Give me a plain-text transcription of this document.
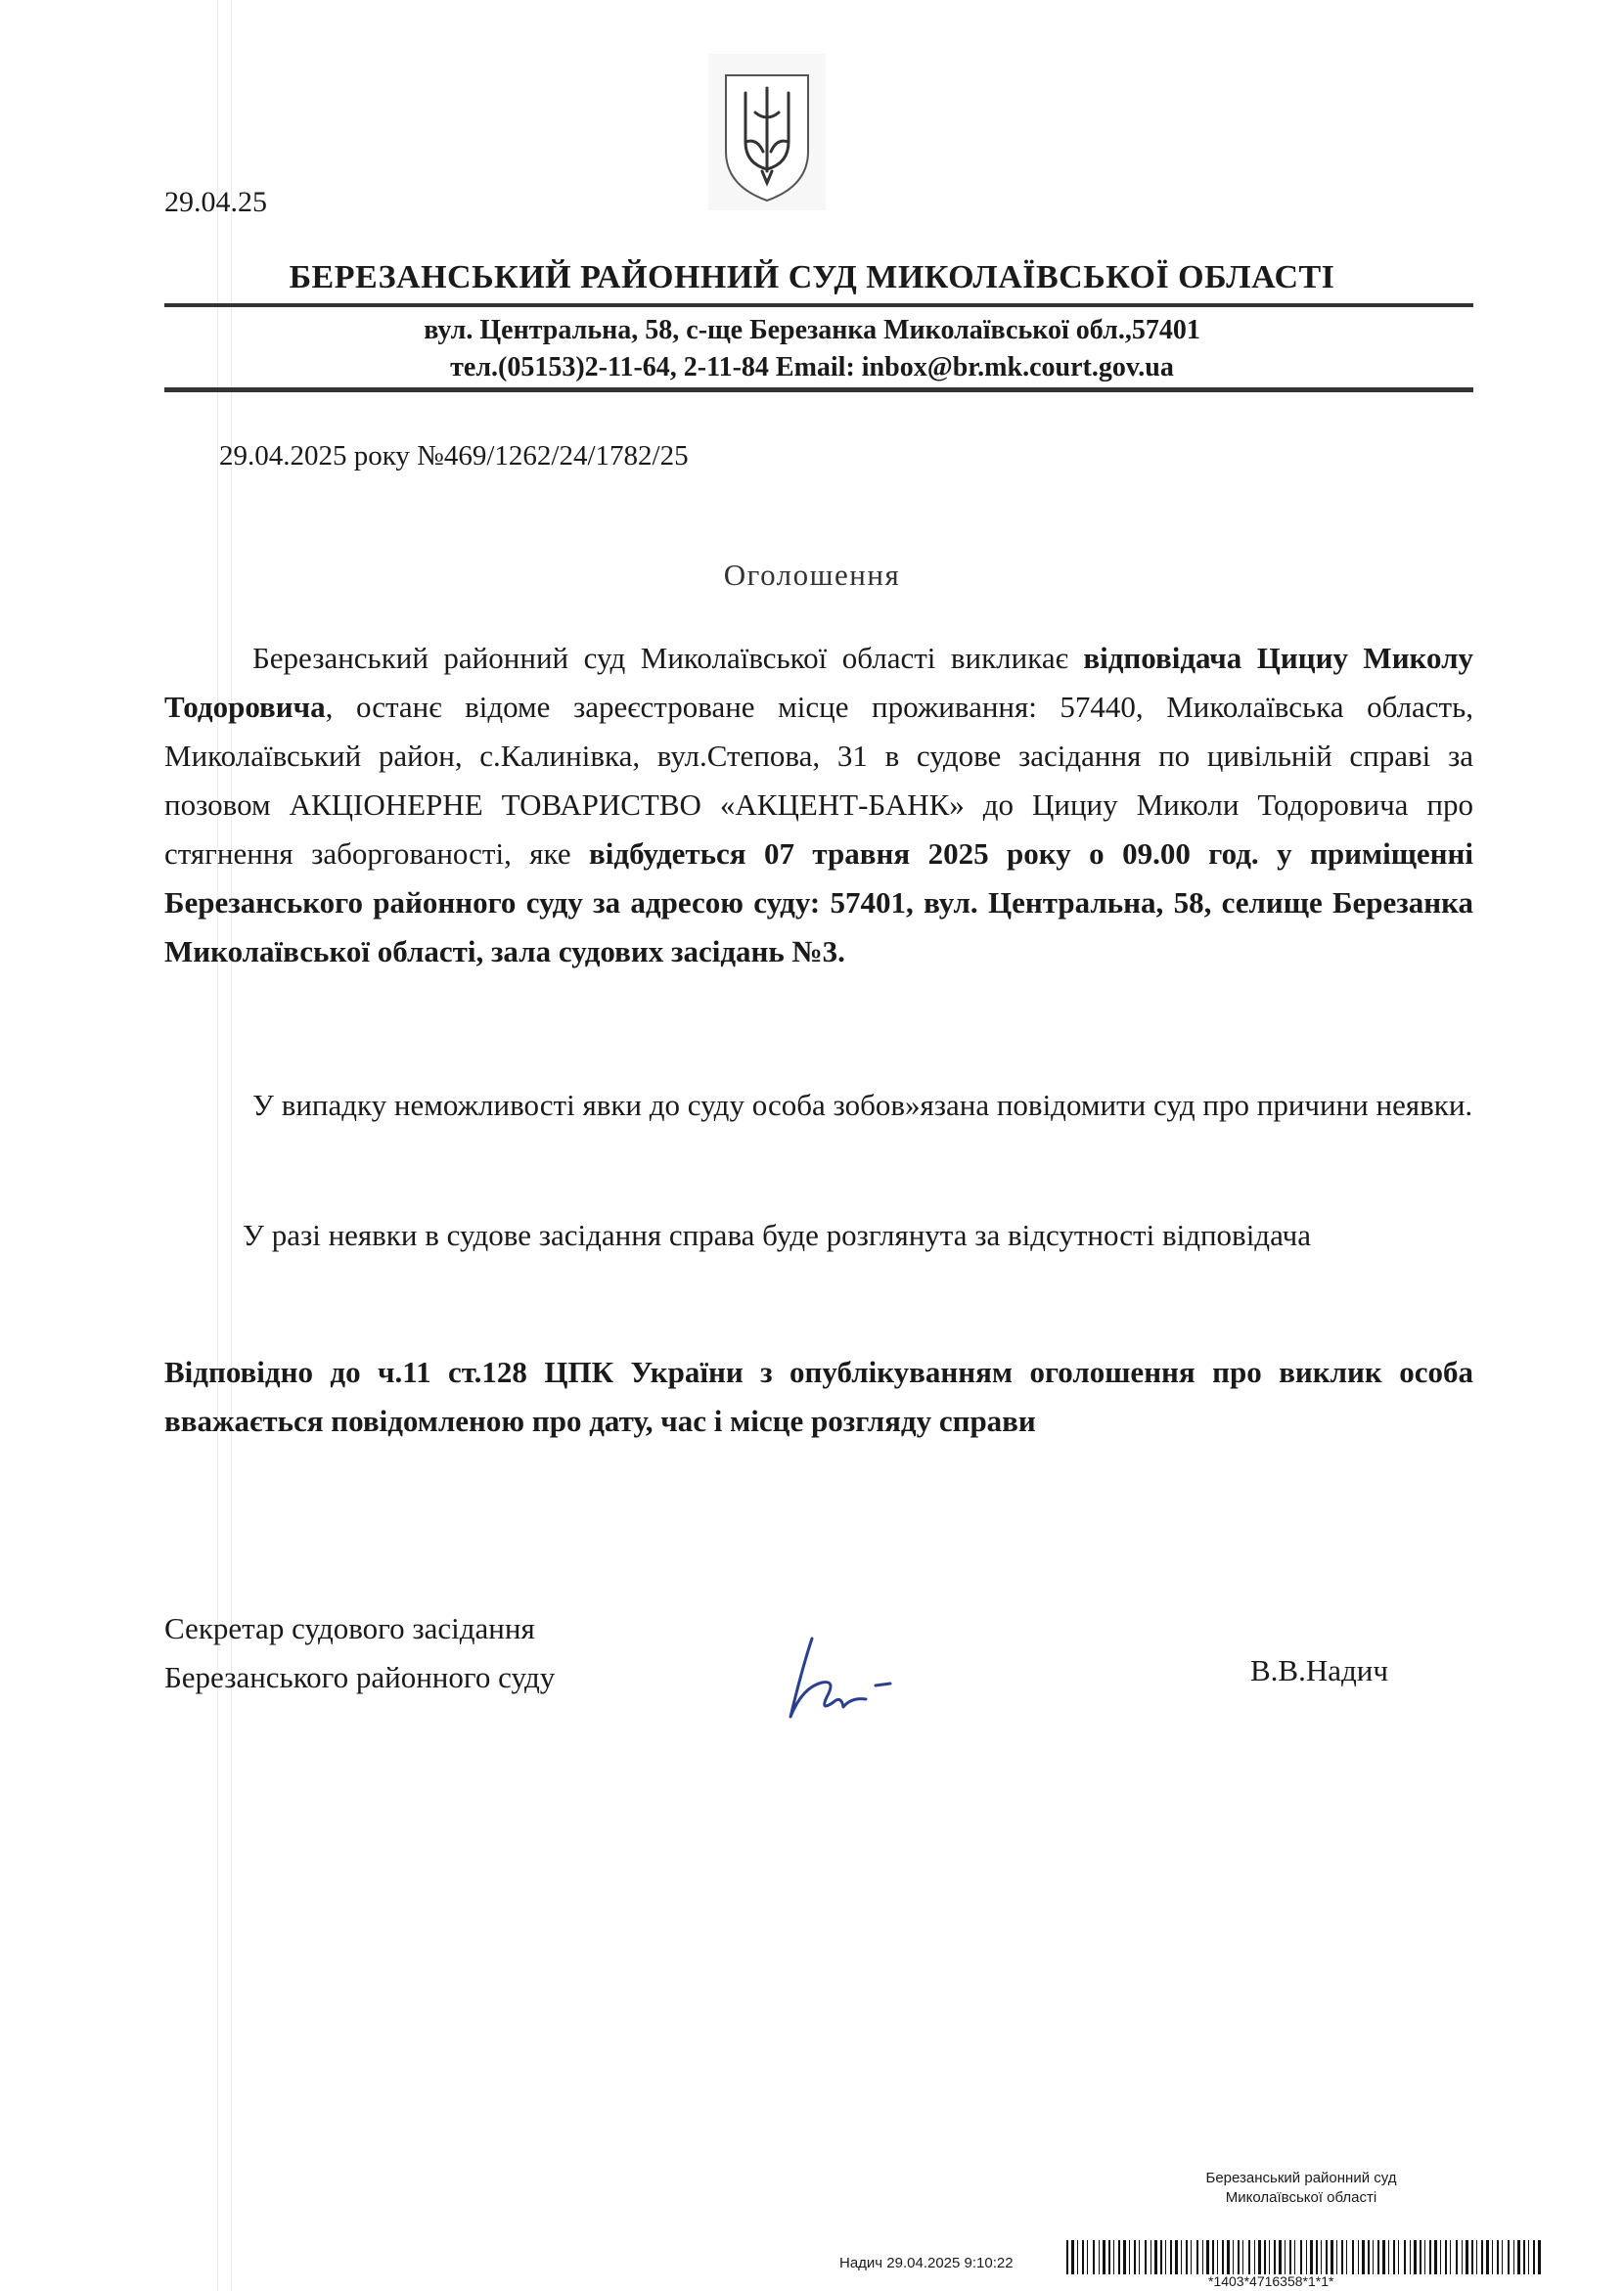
29.04.25
БЕРЕЗАНСЬКИЙ РАЙОННИЙ СУД МИКОЛАЇВСЬКОЇ ОБЛАСТІ
вул. Центральна, 58, с-ще Березанка Миколаївської обл.,57401
тел.(05153)2-11-64, 2-11-84 Email: inbox@br.mk.court.gov.ua
29.04.2025 року №469/1262/24/1782/25
Оголошення

Березанський районний суд Миколаївської області викликає відповідача Цициу Миколу Тодоровича, останє відоме зареєстроване місце проживання: 57440, Миколаївська область, Миколаївський район, с.Калинівка, вул.Степова, 31 в судове засідання по цивільній справі за позовом АКЦІОНЕРНЕ ТОВАРИСТВО «АКЦЕНТ-БАНК» до Цициу Миколи Тодоровича про стягнення заборгованості, яке відбудеться 07 травня 2025 року о 09.00 год. у приміщенні Березанського районного суду за адресою суду: 57401, вул. Центральна, 58, селище Березанка Миколаївської області, зала судових засідань №3.

У випадку неможливості явки до суду особа зобов»язана повідомити суд про причини неявки.

У разі неявки в судове засідання справа буде розглянута за відсутності відповідача

Відповідно до ч.11 ст.128 ЦПК України з опублікуванням оголошення про виклик особа вважається повідомленою про дату, час і місце розгляду справи

Секретар судового засідання
Березанського районного суду	В.В.Надич
Березанський районний суд
Миколаївської області
Надич 29.04.2025 9:10:22
*1403*4716358*1*1*
